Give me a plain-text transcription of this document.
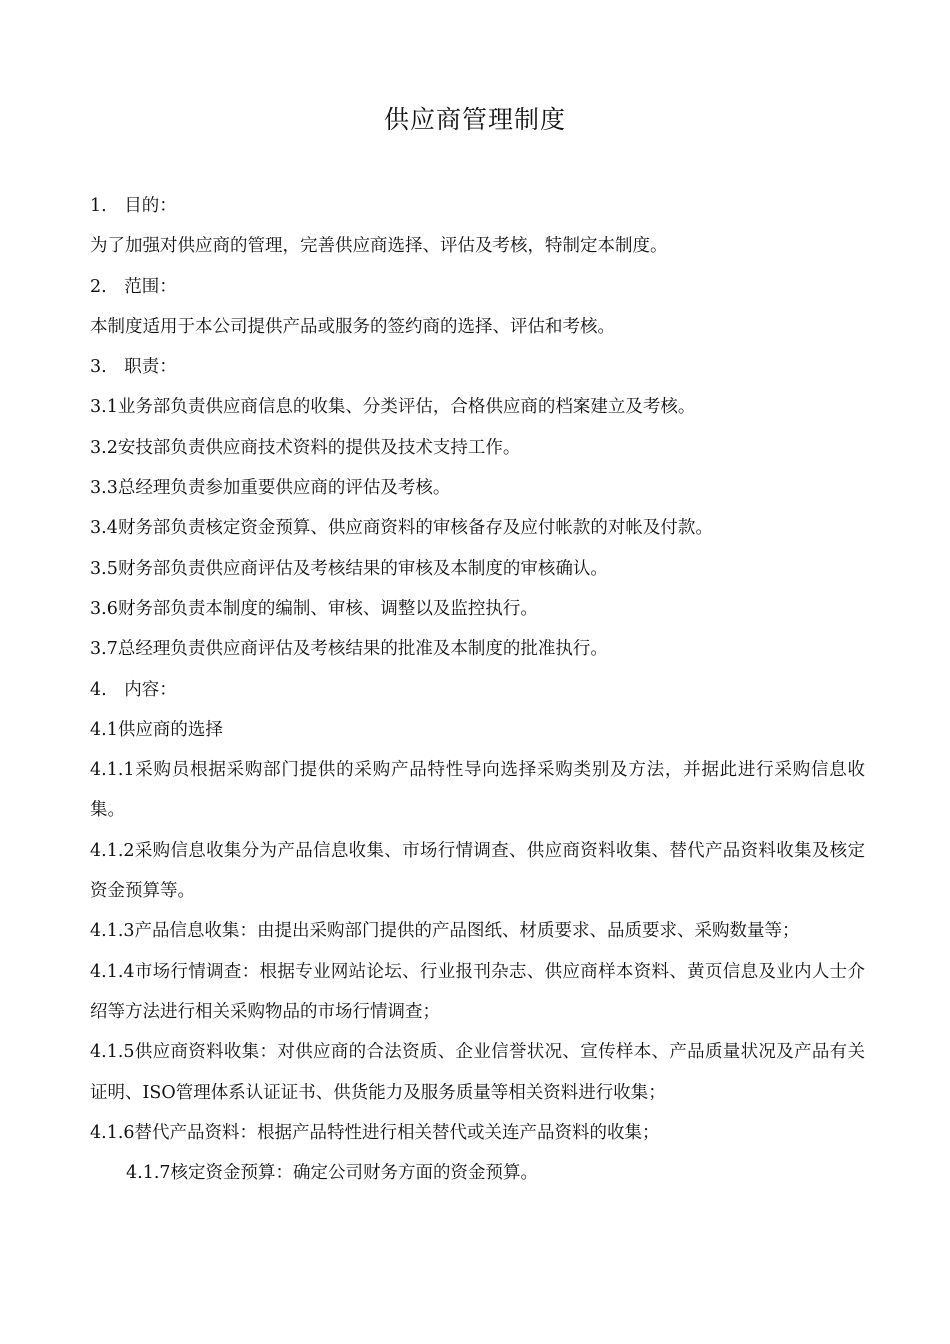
供应商管理制度

1.　目的：

为了加强对供应商的管理，完善供应商选择、评估及考核，特制定本制度。

2.　范围：

本制度适用于本公司提供产品或服务的签约商的选择、评估和考核。

3.　职责：

3.1业务部负责供应商信息的收集、分类评估，合格供应商的档案建立及考核。

3.2安技部负责供应商技术资料的提供及技术支持工作。

3.3总经理负责参加重要供应商的评估及考核。

3.4财务部负责核定资金预算、供应商资料的审核备存及应付帐款的对帐及付款。

3.5财务部负责供应商评估及考核结果的审核及本制度的审核确认。

3.6财务部负责本制度的编制、审核、调整以及监控执行。

3.7总经理负责供应商评估及考核结果的批准及本制度的批准执行。

4.　内容：

4.1供应商的选择

4.1.1采购员根据采购部门提供的采购产品特性导向选择采购类别及方法，并据此进行采购信息收集。

4.1.2采购信息收集分为产品信息收集、市场行情调查、供应商资料收集、替代产品资料收集及核定资金预算等。

4.1.3产品信息收集：由提出采购部门提供的产品图纸、材质要求、品质要求、采购数量等；

4.1.4市场行情调查：根据专业网站论坛、行业报刊杂志、供应商样本资料、黄页信息及业内人士介绍等方法进行相关采购物品的市场行情调查；

4.1.5供应商资料收集：对供应商的合法资质、企业信誉状况、宣传样本、产品质量状况及产品有关证明、ISO管理体系认证证书、供货能力及服务质量等相关资料进行收集；

4.1.6替代产品资料：根据产品特性进行相关替代或关连产品资料的收集；

4.1.7核定资金预算：确定公司财务方面的资金预算。
